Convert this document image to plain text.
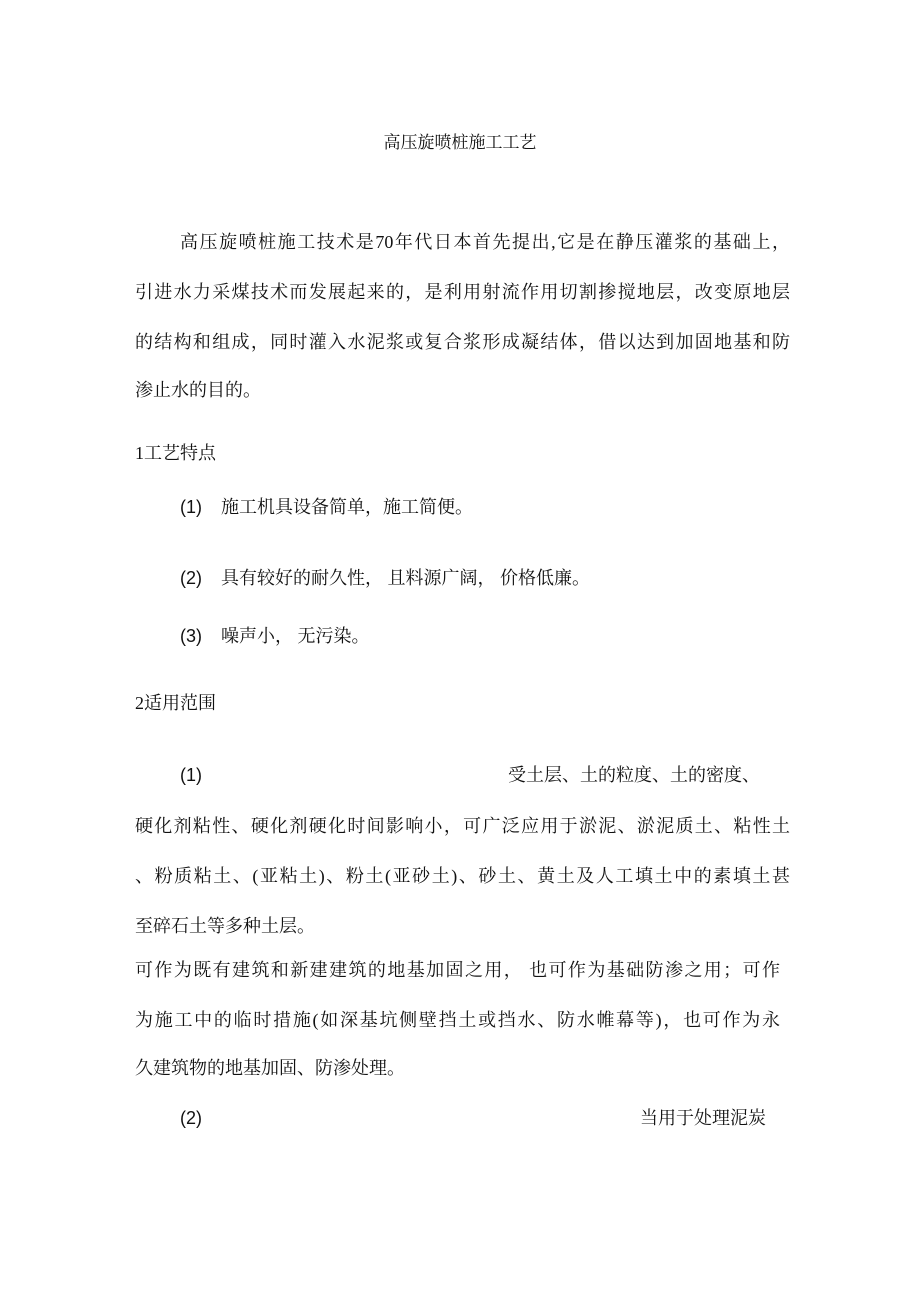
高压旋喷桩施工工艺
高压旋喷桩施工技术是70年代日本首先提出,它是在静压灌浆的基础上，
引进水力采煤技术而发展起来的，是利用射流作用切割掺搅地层，改变原地层
的结构和组成，同时灌入水泥浆或复合浆形成凝结体，借以达到加固地基和防
渗止水的目的。
1工艺特点
(1) 施工机具设备简单，施工简便。
(2) 具有较好的耐久性， 且料源广阔， 价格低廉。
(3) 噪声小， 无污染。
2适用范围
(1)	受土层、土的粒度、土的密度、
硬化剂粘性、硬化剂硬化时间影响小，可广泛应用于淤泥、淤泥质土、粘性土
、粉质粘土、(亚粘土)、粉土(亚砂土)、砂土、黄土及人工填土中的素填土甚
至碎石土等多种土层。
可作为既有建筑和新建建筑的地基加固之用， 也可作为基础防渗之用；可作
为施工中的临时措施(如深基坑侧壁挡土或挡水、防水帷幕等)，也可作为永
久建筑物的地基加固、防渗处理。
(2)	当用于处理泥炭
